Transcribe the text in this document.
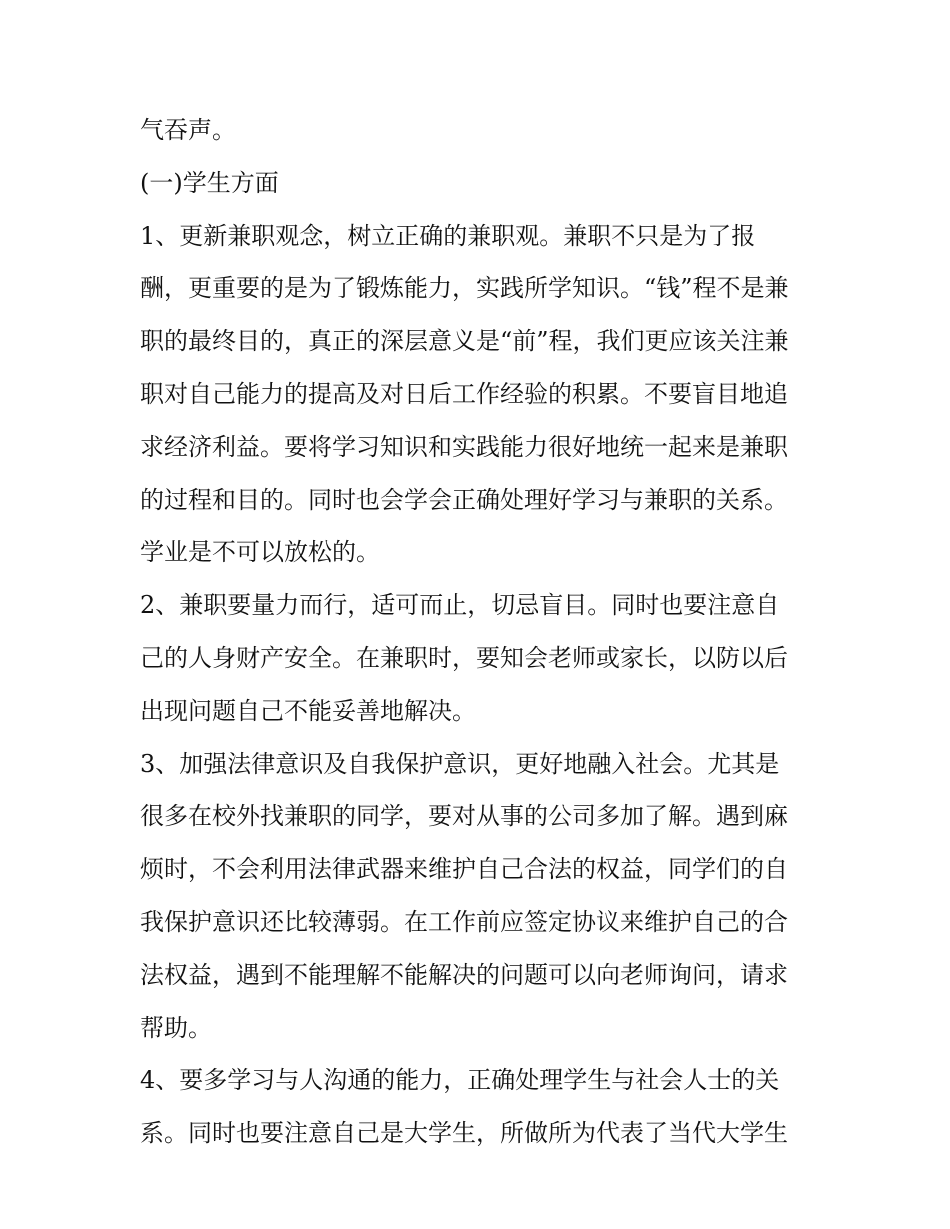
气吞声。
(一)学生方面
1、更新兼职观念，树立正确的兼职观。兼职不只是为了报
酬，更重要的是为了锻炼能力，实践所学知识。“钱”程不是兼
职的最终目的，真正的深层意义是“前”程，我们更应该关注兼
职对自己能力的提高及对日后工作经验的积累。不要盲目地追
求经济利益。要将学习知识和实践能力很好地统一起来是兼职
的过程和目的。同时也会学会正确处理好学习与兼职的关系。
学业是不可以放松的。
2、兼职要量力而行，适可而止，切忌盲目。同时也要注意自
己的人身财产安全。在兼职时，要知会老师或家长，以防以后
出现问题自己不能妥善地解决。
3、加强法律意识及自我保护意识，更好地融入社会。尤其是
很多在校外找兼职的同学，要对从事的公司多加了解。遇到麻
烦时，不会利用法律武器来维护自己合法的权益，同学们的自
我保护意识还比较薄弱。在工作前应签定协议来维护自己的合
法权益，遇到不能理解不能解决的问题可以向老师询问，请求
帮助。
4、要多学习与人沟通的能力，正确处理学生与社会人士的关
系。同时也要注意自己是大学生，所做所为代表了当代大学生
